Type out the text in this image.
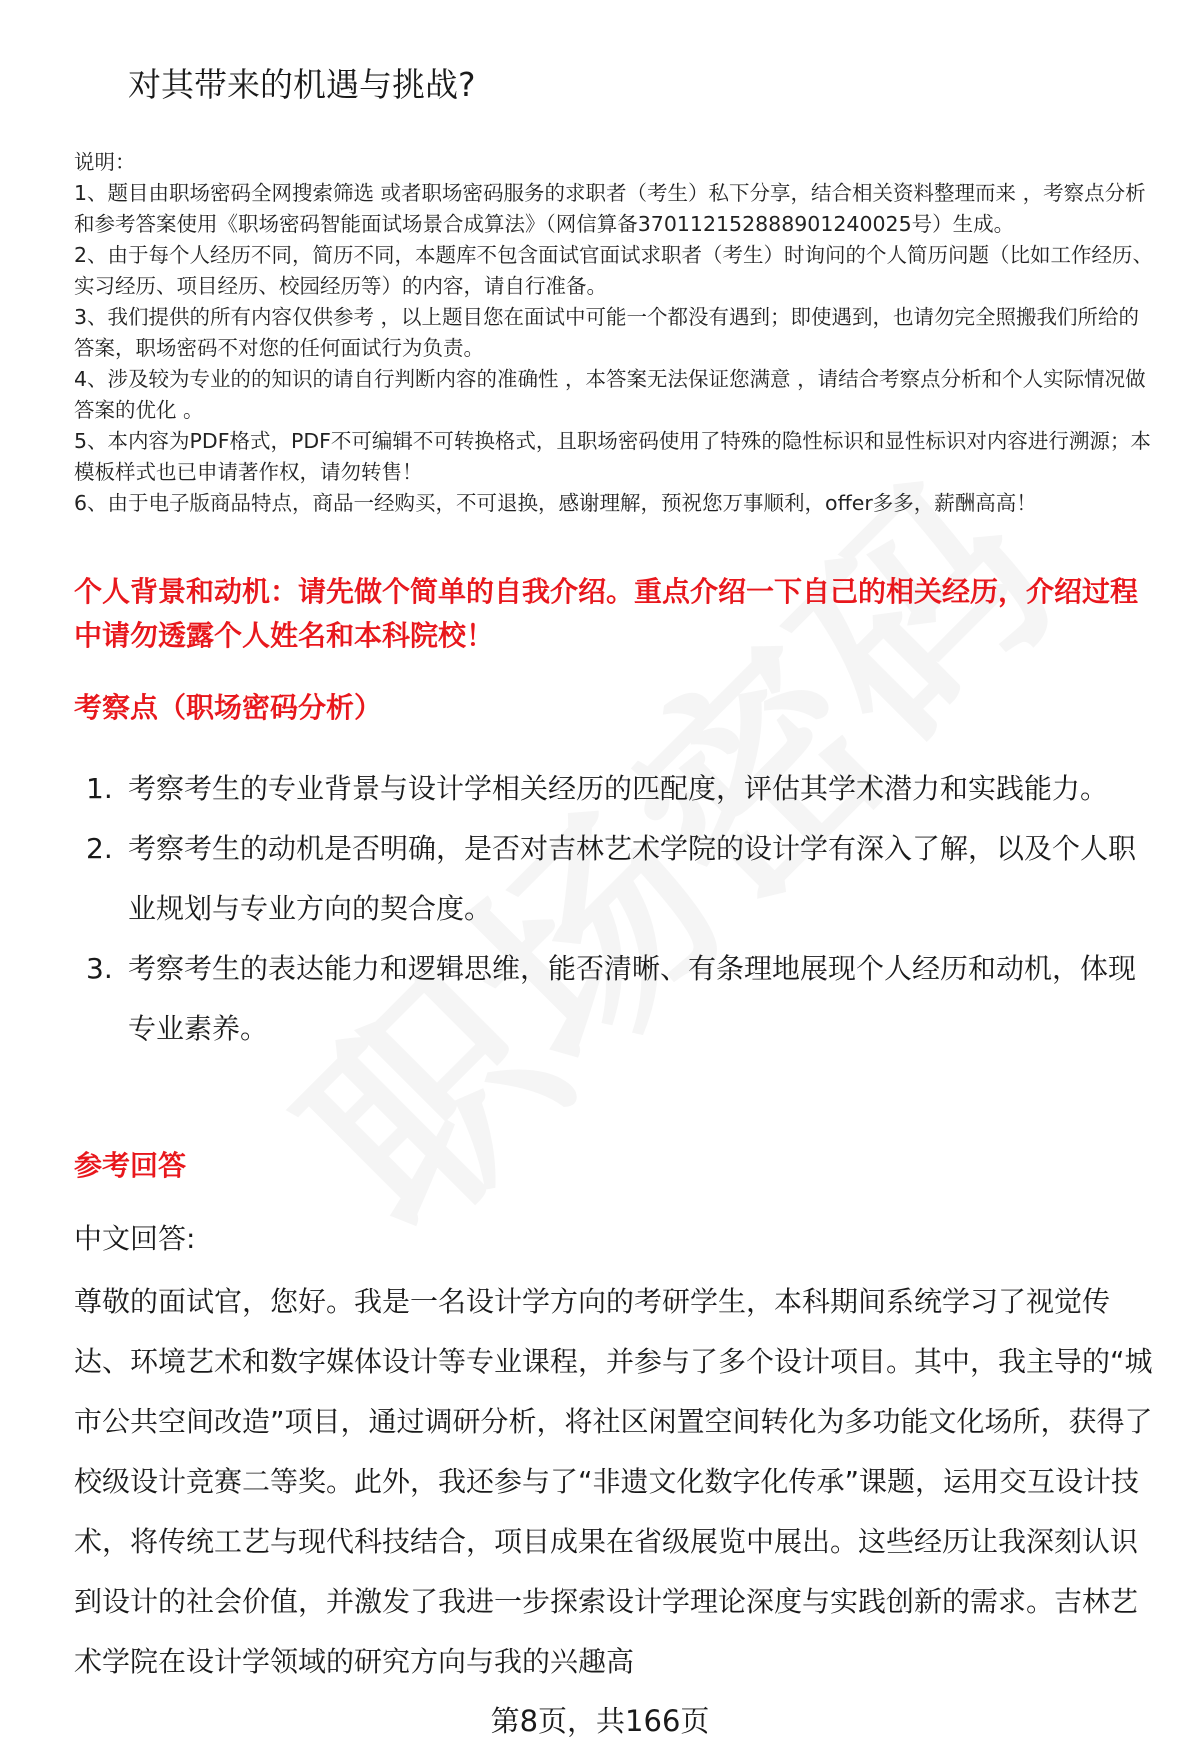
对其带来的机遇与挑战?
说明：

1、题目由职场密码全网搜索筛选 或者职场密码服务的求职者（考生）私下分享，结合相关资料整理而来 ，考察点分析和参考答案使用《职场密码智能面试场景合成算法》（网信算备370112152888901240025号）生成。

2、由于每个人经历不同，简历不同，本题库不包含面试官面试求职者（考生）时询问的个人简历问题（比如工作经历、实习经历、项目经历、校园经历等）的内容，请自行准备。

3、我们提供的所有内容仅供参考 ，以上题目您在面试中可能一个都没有遇到；即使遇到，也请勿完全照搬我们所给的答案，职场密码不对您的任何面试行为负责。

4、涉及较为专业的的知识的请自行判断内容的准确性 ，本答案无法保证您满意 ，请结合考察点分析和个人实际情况做答案的优化 。

5、本内容为PDF格式，PDF不可编辑不可转换格式，且职场密码使用了特殊的隐性标识和显性标识对内容进行溯源；本模板样式也已申请著作权，请勿转售！

6、由于电子版商品特点，商品一经购买，不可退换，感谢理解，预祝您万事顺利，offer多多，薪酬高高！

个人背景和动机：请先做个简单的自我介绍。重点介绍一下自己的相关经历，介绍过程中请勿透露个人姓名和本科院校！
考察点（职场密码分析）
1. 考察考生的专业背景与设计学相关经历的匹配度，评估其学术潜力和实践能力。
2. 考察考生的动机是否明确，是否对吉林艺术学院的设计学有深入了解，以及个人职业规划与专业方向的契合度。
3. 考察考生的表达能力和逻辑思维，能否清晰、有条理地展现个人经历和动机，体现专业素养。
参考回答
中文回答:
尊敬的面试官，您好。我是一名设计学方向的考研学生，本科期间系统学习了视觉传达、环境艺术和数字媒体设计等专业课程，并参与了多个设计项目。其中，我主导的“城市公共空间改造”项目，通过调研分析，将社区闲置空间转化为多功能文化场所，获得了校级设计竞赛二等奖。此外，我还参与了“非遗文化数字化传承”课题，运用交互设计技术，将传统工艺与现代科技结合，项目成果在省级展览中展出。这些经历让我深刻认识到设计的社会价值，并激发了我进一步探索设计学理论深度与实践创新的需求。吉林艺术学院在设计学领域的研究方向与我的兴趣高
第8页，共166页
